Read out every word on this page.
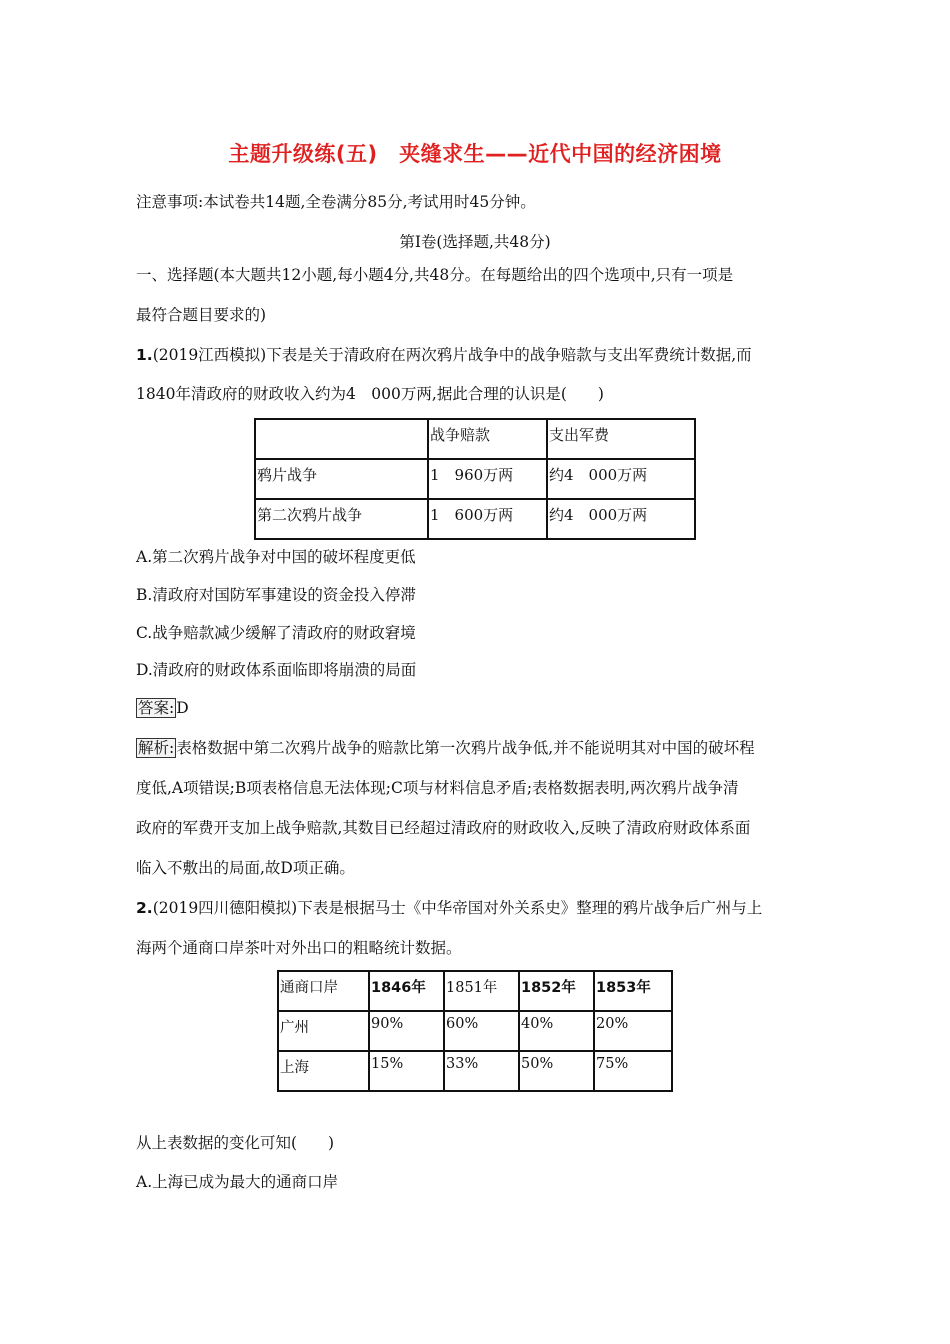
主题升级练(五)　夹缝求生——近代中国的经济困境
注意事项:本试卷共14题,全卷满分85分,考试用时45分钟。
第Ⅰ卷(选择题,共48分)
一、选择题(本大题共12小题,每小题4分,共48分。在每题给出的四个选项中,只有一项是
最符合题目要求的)
1.(2019江西模拟)下表是关于清政府在两次鸦片战争中的战争赔款与支出军费统计数据,而
1840年清政府的财政收入约为4　000万两,据此合理的认识是(　　)
	战争赔款	支出军费
鸦片战争	1　960万两	约4　000万两
第二次鸦片战争	1　600万两	约4　000万两
A.第二次鸦片战争对中国的破坏程度更低
B.清政府对国防军事建设的资金投入停滞
C.战争赔款减少缓解了清政府的财政窘境
D.清政府的财政体系面临即将崩溃的局面
答案: D
解析: 表格数据中第二次鸦片战争的赔款比第一次鸦片战争低,并不能说明其对中国的破坏程
度低,A项错误;B项表格信息无法体现;C项与材料信息矛盾;表格数据表明,两次鸦片战争清
政府的军费开支加上战争赔款,其数目已经超过清政府的财政收入,反映了清政府财政体系面
临入不敷出的局面,故D项正确。
2.(2019四川德阳模拟)下表是根据马士《中华帝国对外关系史》整理的鸦片战争后广州与上
海两个通商口岸茶叶对外出口的粗略统计数据。
通商口岸	1846年	1851年	1852年	1853年
广州	90%	60%	40%	20%
上海	15%	33%	50%	75%
从上表数据的变化可知(　　)
A.上海已成为最大的通商口岸
